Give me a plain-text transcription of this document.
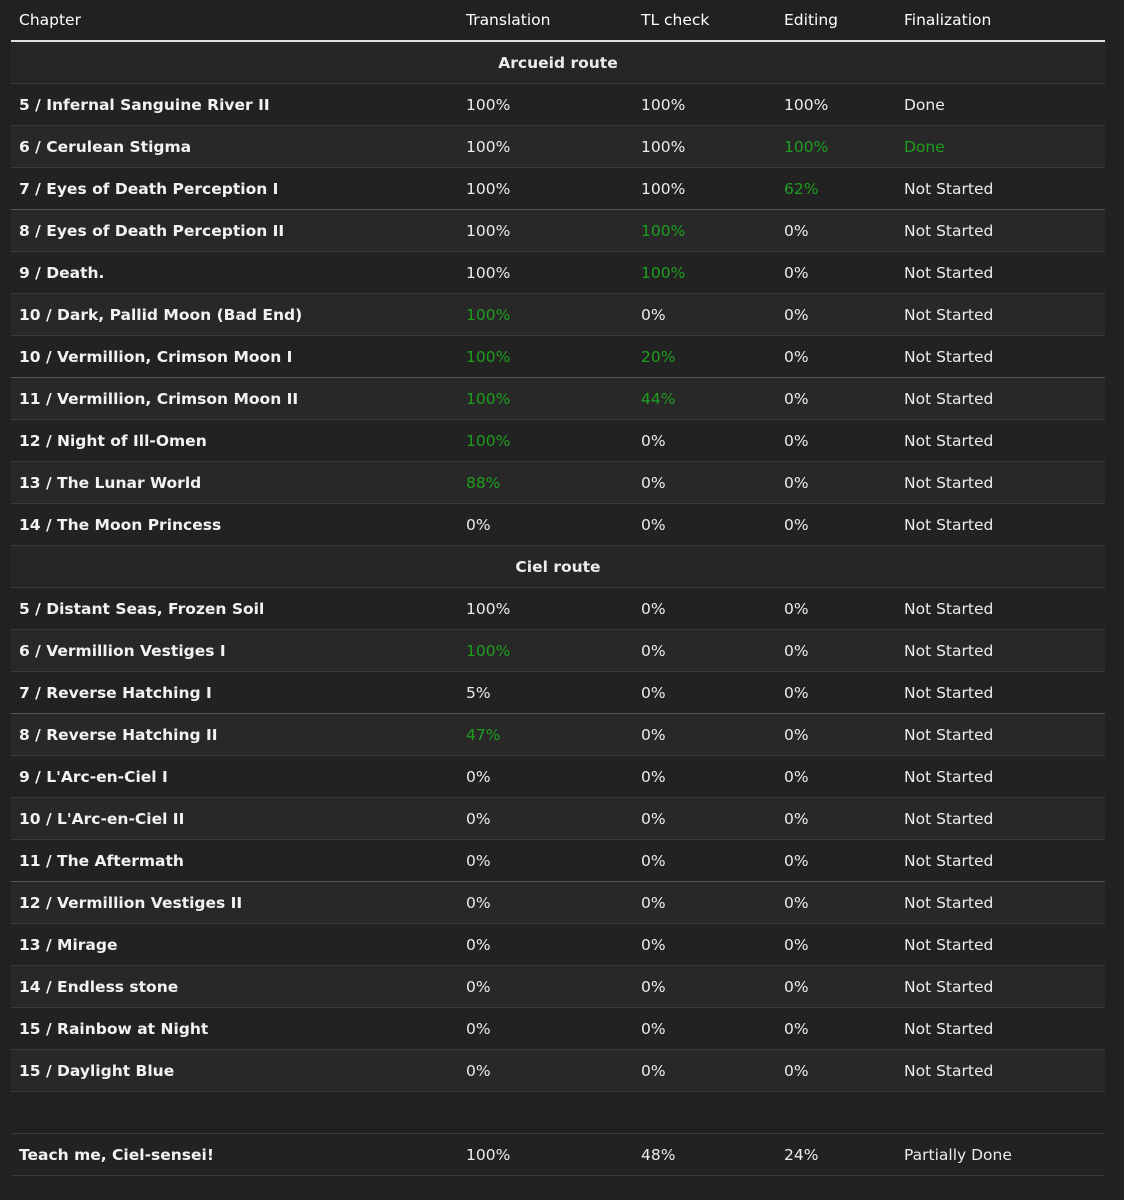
Chapter	Translation	TL check	Editing	Finalization
Arcueid route				
5 / Infernal Sanguine River II	100%	100%	100%	Done
6 / Cerulean Stigma	100%	100%	100%	Done
7 / Eyes of Death Perception I	100%	100%	62%	Not Started
8 / Eyes of Death Perception II	100%	100%	0%	Not Started
9 / Death.	100%	100%	0%	Not Started
10 / Dark, Pallid Moon (Bad End)	100%	0%	0%	Not Started
10 / Vermillion, Crimson Moon I	100%	20%	0%	Not Started
11 / Vermillion, Crimson Moon II	100%	44%	0%	Not Started
12 / Night of Ill-Omen	100%	0%	0%	Not Started
13 / The Lunar World	88%	0%	0%	Not Started
14 / The Moon Princess	0%	0%	0%	Not Started
Ciel route				
5 / Distant Seas, Frozen Soil	100%	0%	0%	Not Started
6 / Vermillion Vestiges I	100%	0%	0%	Not Started
7 / Reverse Hatching I	5%	0%	0%	Not Started
8 / Reverse Hatching II	47%	0%	0%	Not Started
9 / L'Arc-en-Ciel I	0%	0%	0%	Not Started
10 / L'Arc-en-Ciel II	0%	0%	0%	Not Started
11 / The Aftermath	0%	0%	0%	Not Started
12 / Vermillion Vestiges II	0%	0%	0%	Not Started
13 / Mirage	0%	0%	0%	Not Started
14 / Endless stone	0%	0%	0%	Not Started
15 / Rainbow at Night	0%	0%	0%	Not Started
15 / Daylight Blue	0%	0%	0%	Not Started

Teach me, Ciel-sensei!	100%	48%	24%	Partially Done
